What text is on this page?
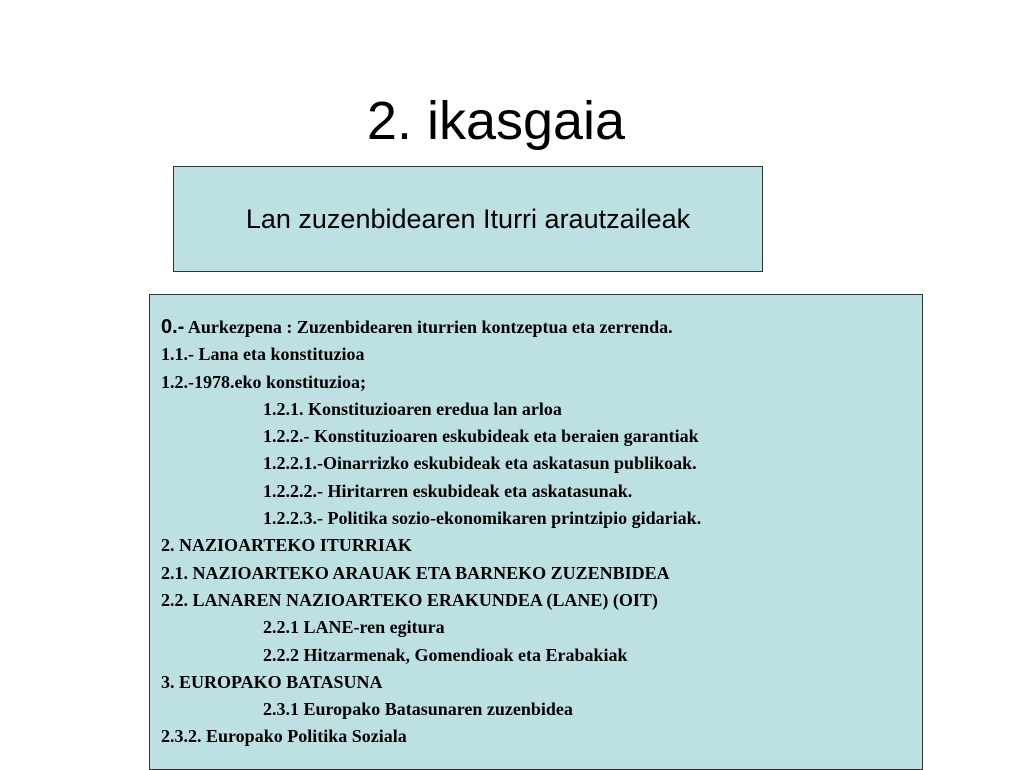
2. ikasgaia
Lan zuzenbidearen Iturri arautzaileak
0.- Aurkezpena : Zuzenbidearen iturrien kontzeptua eta zerrenda.
1.1.- Lana eta konstituzioa
1.2.-1978.eko konstituzioa;
1.2.1. Konstituzioaren eredua lan arloa
1.2.2.- Konstituzioaren eskubideak eta beraien garantiak
1.2.2.1.-Oinarrizko eskubideak eta askatasun publikoak.
1.2.2.2.- Hiritarren eskubideak eta askatasunak.
1.2.2.3.- Politika sozio-ekonomikaren printzipio gidariak.
2. NAZIOARTEKO ITURRIAK
2.1. NAZIOARTEKO ARAUAK ETA BARNEKO ZUZENBIDEA
2.2. LANAREN NAZIOARTEKO ERAKUNDEA (LANE) (OIT)
2.2.1 LANE-ren egitura
2.2.2 Hitzarmenak, Gomendioak eta Erabakiak
3. EUROPAKO BATASUNA
2.3.1 Europako Batasunaren zuzenbidea
2.3.2. Europako Politika Soziala
